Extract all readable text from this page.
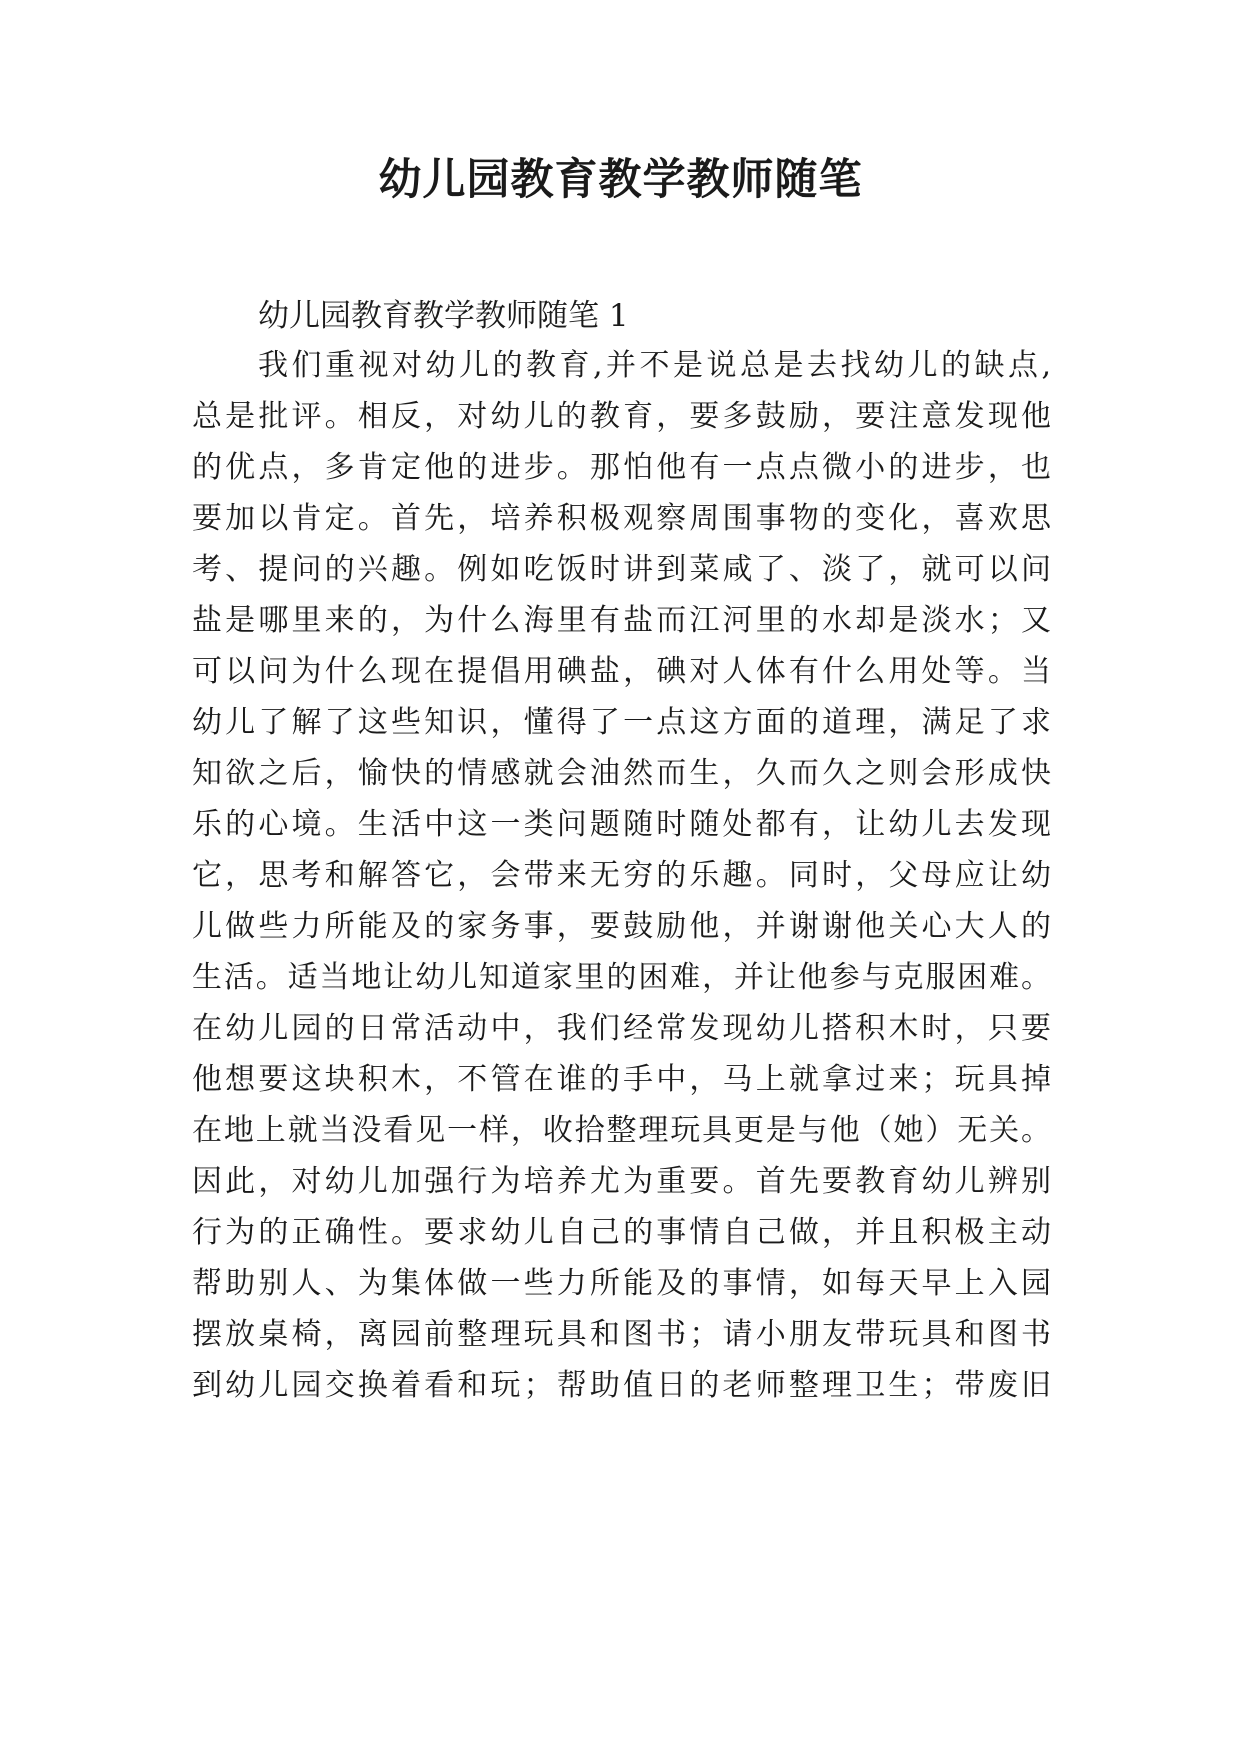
幼儿园教育教学教师随笔

幼儿园教育教学教师随笔 1

我们重视对幼儿的教育,并不是说总是去找幼儿的缺点,

总是批评。相反，对幼儿的教育，要多鼓励，要注意发现他

的优点，多肯定他的进步。那怕他有一点点微小的进步，也

要加以肯定。首先，培养积极观察周围事物的变化，喜欢思

考、提问的兴趣。例如吃饭时讲到菜咸了、淡了，就可以问

盐是哪里来的，为什么海里有盐而江河里的水却是淡水；又

可以问为什么现在提倡用碘盐，碘对人体有什么用处等。当

幼儿了解了这些知识，懂得了一点这方面的道理，满足了求

知欲之后，愉快的情感就会油然而生，久而久之则会形成快

乐的心境。生活中这一类问题随时随处都有，让幼儿去发现

它，思考和解答它，会带来无穷的乐趣。同时，父母应让幼

儿做些力所能及的家务事，要鼓励他，并谢谢他关心大人的

生活。适当地让幼儿知道家里的困难，并让他参与克服困难。

在幼儿园的日常活动中，我们经常发现幼儿搭积木时，只要

他想要这块积木，不管在谁的手中，马上就拿过来；玩具掉

在地上就当没看见一样，收拾整理玩具更是与他（她）无关。

因此，对幼儿加强行为培养尤为重要。首先要教育幼儿辨别

行为的正确性。要求幼儿自己的事情自己做，并且积极主动

帮助别人、为集体做一些力所能及的事情，如每天早上入园

摆放桌椅，离园前整理玩具和图书；请小朋友带玩具和图书

到幼儿园交换着看和玩；帮助值日的老师整理卫生；带废旧
